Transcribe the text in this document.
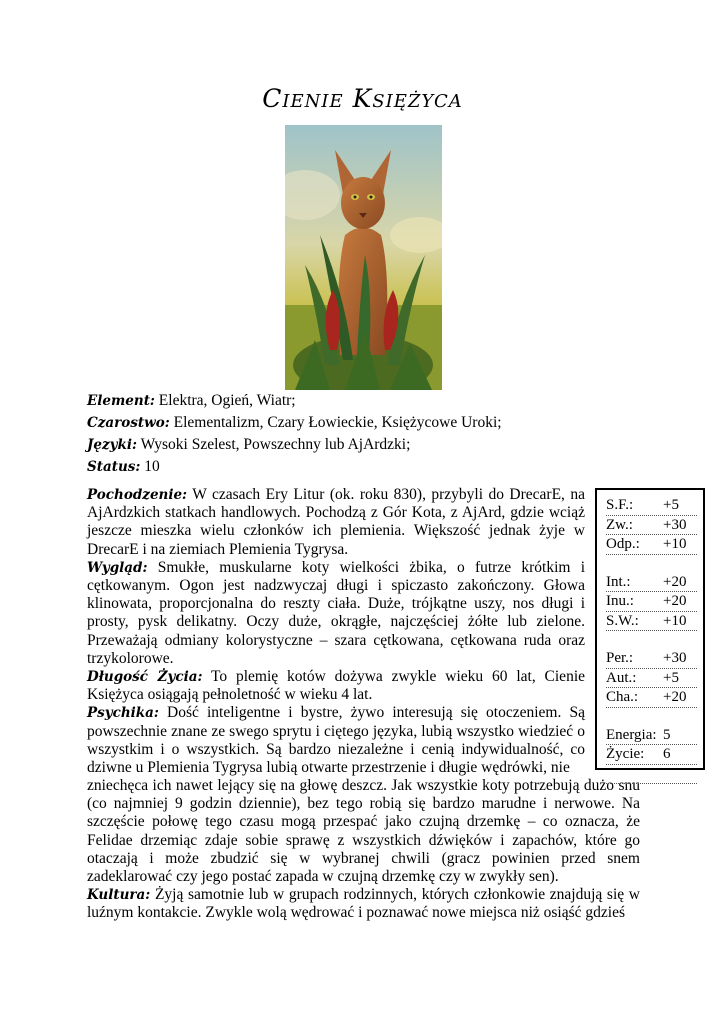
Cienie Księżyca
Element: Elektra, Ogień, Wiatr;
Czarostwo: Elementalizm, Czary Łowieckie, Księżycowe Uroki;
Języki: Wysoki Szelest, Powszechny lub AjArdzki;
Status: 10

Pochodzenie: W czasach Ery Litur (ok. roku 830), przybyli do DrecarE, na AjArdzkich statkach handlowych. Pochodzą z Gór Kota, z AjArd, gdzie wciąż jeszcze mieszka wielu członków ich plemienia. Większość jednak żyje w DrecarE i na ziemiach Plemienia Tygrysa.

Wygląd: Smukłe, muskularne koty wielkości żbika, o futrze krótkim i cętkowanym. Ogon jest nadzwyczaj długi i spiczasto zakończony. Głowa klinowata, proporcjonalna do reszty ciała. Duże, trójkątne uszy, nos długi i prosty, pysk delikatny. Oczy duże, okrągłe, najczęściej żółte lub zielone. Przeważają odmiany kolorystyczne – szara cętkowana, cętkowana ruda oraz trzykolorowe.

Długość Życia: To plemię kotów dożywa zwykle wieku 60 lat, Cienie Księżyca osiągają pełnoletność w wieku 4 lat.

Psychika: Dość inteligentne i bystre, żywo interesują się otoczeniem. Są powszechnie znane ze swego sprytu i ciętego języka, lubią wszystko wiedzieć o wszystkim i o wszystkich. Są bardzo niezależne i cenią indywidualność, co dziwne u Plemienia Tygrysa lubią otwarte przestrzenie i długie wędrówki, nie

zniechęca ich nawet lejący się na głowę deszcz. Jak wszystkie koty potrzebują dużo snu (co najmniej 9 godzin dziennie), bez tego robią się bardzo marudne i nerwowe. Na szczęście połowę tego czasu mogą przespać jako czujną drzemkę – co oznacza, że Felidae drzemiąc zdaje sobie sprawę z wszystkich dźwięków i zapachów, które go otaczają i może zbudzić się w wybranej chwili (gracz powinien przed snem zadeklarować czy jego postać zapada w czujną drzemkę czy w zwykły sen).

Kultura: Żyją samotnie lub w grupach rodzinnych, których członkowie znajdują się w luźnym kontakcie. Zwykle wolą wędrować i poznawać nowe miejsca niż osiąść gdzieś

S.F.: +5
Zw.: +30
Odp.: +10
Int.: +20
Inu.: +20
S.W.: +10
Per.: +30
Aut.: +5
Cha.: +20
Energia: 5
Życie: 6
